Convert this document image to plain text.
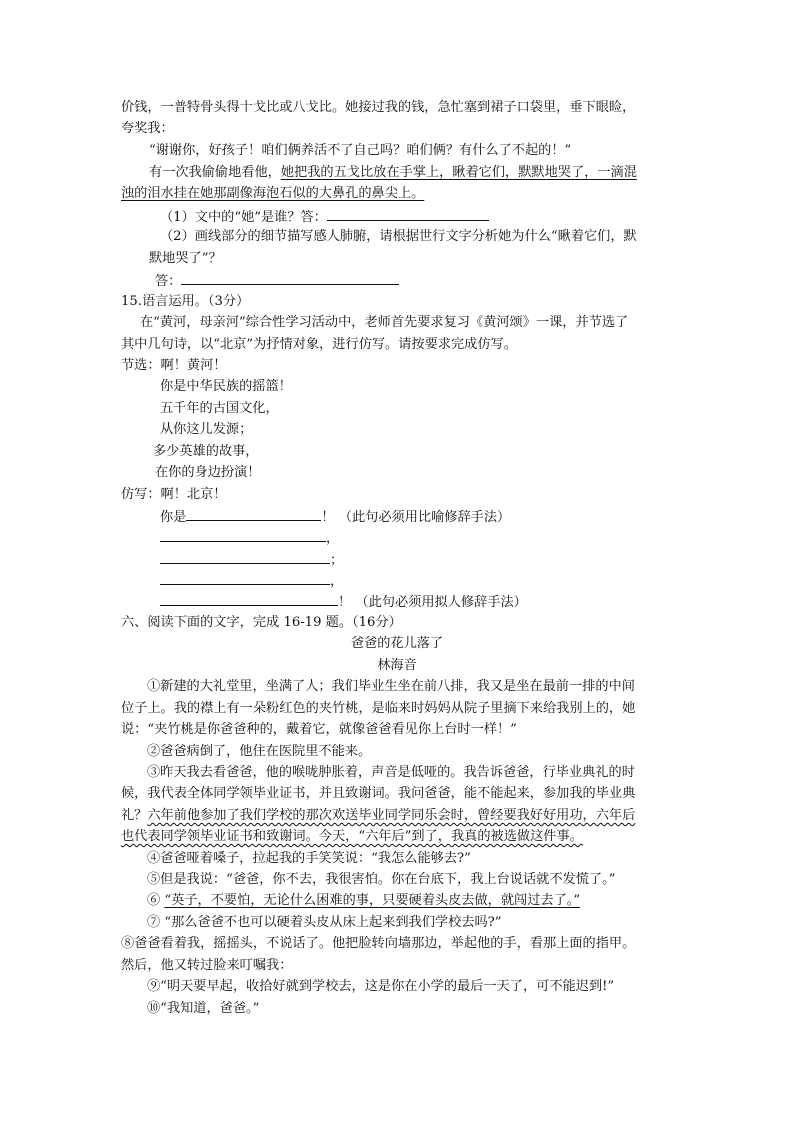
价钱，一普特骨头得十戈比或八戈比。她接过我的钱，急忙塞到裙子口袋里，垂下眼睑，
夸奖我：
“谢谢你，好孩子！咱们俩养活不了自己吗？咱们俩？有什么了不起的！”
有一次我偷偷地看他，她把我的五戈比放在手掌上，瞅着它们，默默地哭了，一滴混
浊的泪水挂在她那副像海泡石似的大鼻孔的鼻尖上。
（1）文中的“她”是谁？答：
（2）画线部分的细节描写感人肺腑，请根据世行文字分析她为什么“瞅着它们，默
默地哭了”？
答：
15.语言运用。（3分）
在“黄河，母亲河”综合性学习活动中，老师首先要求复习《黄河颂》一课，并节选了
其中几句诗，以“北京”为抒情对象，进行仿写。请按要求完成仿写。
节选：啊！黄河！
你是中华民族的摇篮！
五千年的古国文化，
从你这儿发源；
多少英雄的故事，
在你的身边扮演！
仿写：啊！北京！
你是	！ （此句必须用比喻修辞手法）
，
；
，
！ （此句必须用拟人修辞手法）
六、阅读下面的文字，完成 16-19 题。（16分）
爸爸的花儿落了
林海音
①新建的大礼堂里，坐满了人；我们毕业生坐在前八排，我又是坐在最前一排的中间
位子上。我的襟上有一朵粉红色的夹竹桃，是临来时妈妈从院子里摘下来给我别上的，她
说：“夹竹桃是你爸爸种的，戴着它，就像爸爸看见你上台时一样！”
②爸爸病倒了，他住在医院里不能来。
③昨天我去看爸爸，他的喉咙肿胀着，声音是低哑的。我告诉爸爸，行毕业典礼的时
候，我代表全体同学领毕业证书，并且致谢词。我问爸爸，能不能起来，参加我的毕业典
礼？六年前他参加了我们学校的那次欢送毕业同学同乐会时，曾经要我好好用功，六年后
也代表同学领毕业证书和致谢词。今天，“六年后”到了，我真的被选做这件事。
④爸爸哑着嗓子，拉起我的手笑笑说：“我怎么能够去?”
⑤但是我说：“爸爸，你不去，我很害怕。你在台底下，我上台说话就不发慌了。”
⑥ “英子，不要怕，无论什么困难的事，只要硬着头皮去做，就闯过去了。”
⑦ “那么爸爸不也可以硬着头皮从床上起来到我们学校去吗?”
⑧爸爸看着我，摇摇头，不说话了。他把脸转向墙那边，举起他的手，看那上面的指甲。
然后，他又转过脸来叮嘱我：
⑨“明天要早起，收拾好就到学校去，这是你在小学的最后一天了，可不能迟到!”
⑩“我知道，爸爸。”
